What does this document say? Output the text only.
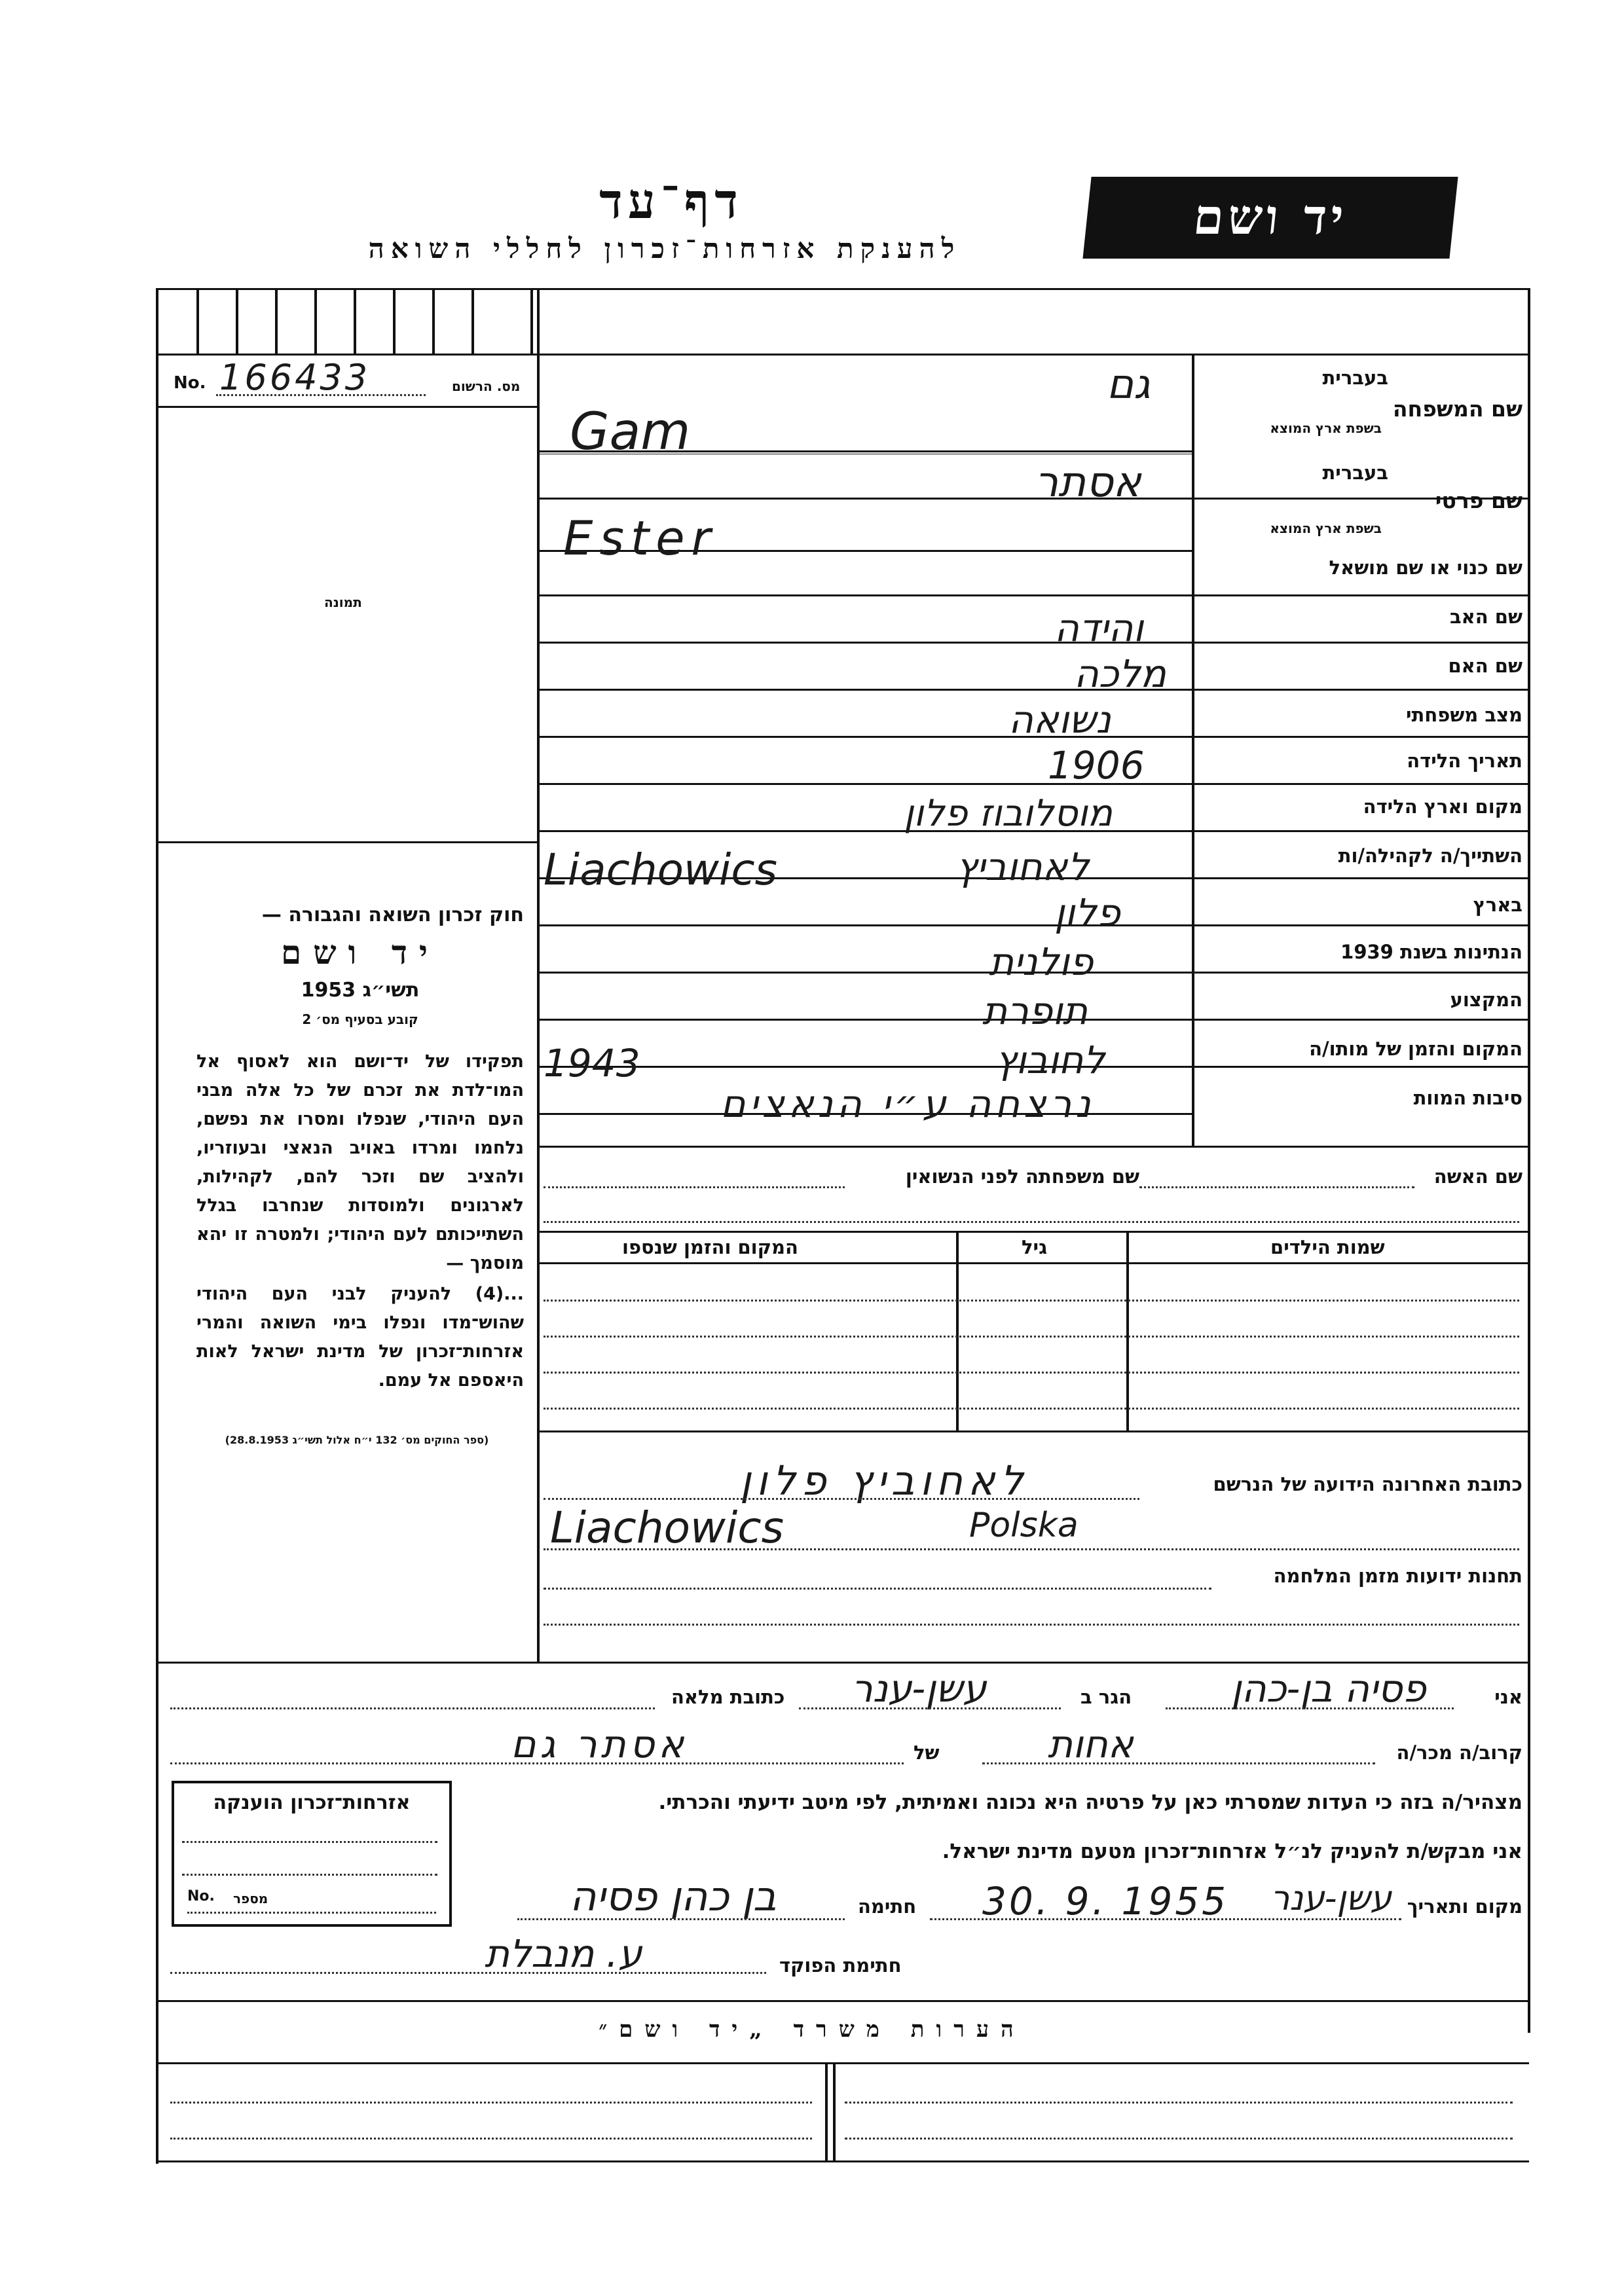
דף־עד
להענקת אזרחות־זכרון לחללי השואה
יד ושם
No. 166433	מס. הרשום
תמונה
שם המשפחה
בעברית
בשפת ארץ המוצא
גם
Gam
שם פרטי
בעברית
בשפת ארץ המוצא
אסתר
Ester
שם כנוי או שם מושאל
שם האב
והידה
שם האם
מלכה
מצב משפחתי
נשואה
תאריך הלידה
1906
מקום וארץ הלידה
מוסלובוז פלון
השתייך/ה לקהילה/ות
לאחוביץ
Liachowics
בארץ
פלון
הנתינות בשנת 1939
פולנית
המקצוע
תופרת
המקום והזמן של מותו/ה
לחובוץ
1943
סיבות המוות
נרצחה ע״י הנאצים
שם האשה
שם משפחתה לפני הנשואין
שמות הילדים
גיל
המקום והזמן שנספו
כתובת האחרונה הידועה של הנרשם
לאחוביץ פלון
Liachowics	Polska
תחנות ידועות מזמן המלחמה
חוק זכרון השואה והגבורה —
יד ושם
תשי״ג 1953
קובע בסעיף מס׳ 2
תפקידו של יד־ושם הוא לאסוף אל המו־לדת את זכרם של כל אלה מבני העם היהודי, שנפלו ומסרו את נפשם, נלחמו ומרדו באויב הנאצי ובעוזריו, ולהציב שם וזכר להם, לקהילות, לארגונים ולמוסדות שנחרבו בגלל השתייכותם לעם היהודי; ולמטרה זו יהא מוסמך —
...(4) להעניק לבני העם היהודי שהוש־מדו ונפלו בימי השואה והמרי אזרחות־זכרון של מדינת ישראל לאות היאספם אל עמם.
(ספר החוקים מס׳ 132 י״ח אלול תשי״ג 28.8.1953)
אני
פסיה בן-כהן
הגר ב
עשן-ענר
כתובת מלאה
קרוב/ה מכר/ה
אחות
של
אסתר גם
מצהיר/ה בזה כי העדות שמסרתי כאן על פרטיה היא נכונה ואמיתית, לפי מיטב ידיעתי והכרתי.
אני מבקש/ת להעניק לנ״ל אזרחות־זכרון מטעם מדינת ישראל.
מקום ותאריך
עשן-ענר
30. 9. 1955
חתימה
בן כהן פסיה
חתימת הפוקד
ע. מנבלת
אזרחות־זכרון הוענקה
No. מספר
הערות משרד „יד ושם״
